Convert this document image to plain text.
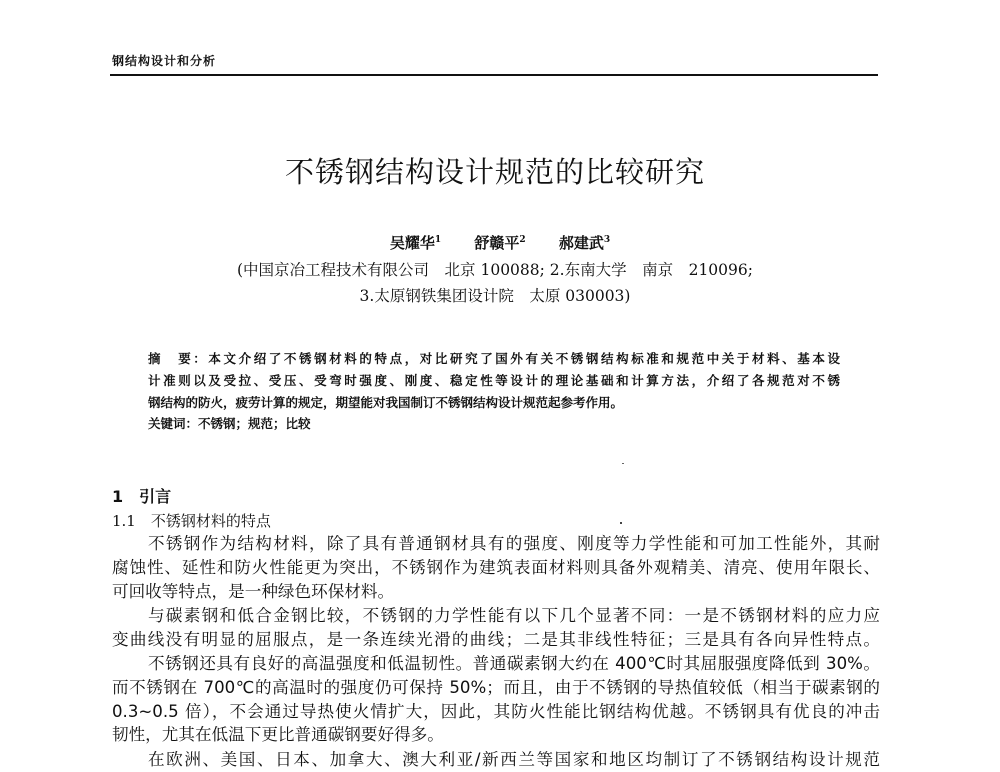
钢结构设计和分析
不锈钢结构设计规范的比较研究
吴耀华$^1$ 舒赣平$^2$ 郝建武$^3$
(中国京冶工程技术有限公司　北京 100088; 2.东南大学　南京　210096;
3.太原钢铁集团设计院　太原 030003)
摘　要：本文介绍了不锈钢材料的特点，对比研究了国外有关不锈钢结构标准和规范中关于材料、基本设
计准则以及受拉、受压、受弯时强度、刚度、稳定性等设计的理论基础和计算方法，介绍了各规范对不锈
钢结构的防火，疲劳计算的规定，期望能对我国制订不锈钢结构设计规范起参考作用。
关键词：不锈钢；规范；比较
1　引言
1.1　不锈钢材料的特点
不锈钢作为结构材料，除了具有普通钢材具有的强度、刚度等力学性能和可加工性能外，其耐
腐蚀性、延性和防火性能更为突出，不锈钢作为建筑表面材料则具备外观精美、清亮、使用年限长、
可回收等特点，是一种绿色环保材料。
与碳素钢和低合金钢比较，不锈钢的力学性能有以下几个显著不同：一是不锈钢材料的应力应
变曲线没有明显的屈服点，是一条连续光滑的曲线；二是其非线性特征；三是具有各向异性特点。
不锈钢还具有良好的高温强度和低温韧性。普通碳素钢大约在 400℃时其屈服强度降低到 30%。
而不锈钢在 700℃的高温时的强度仍可保持 50%；而且，由于不锈钢的导热值较低（相当于碳素钢的
0.3~0.5 倍），不会通过导热使火情扩大，因此，其防火性能比钢结构优越。不锈钢具有优良的冲击
韧性，尤其在低温下更比普通碳钢要好得多。
在欧洲、美国、日本、加拿大、澳大利亚/新西兰等国家和地区均制订了不锈钢结构设计规范
